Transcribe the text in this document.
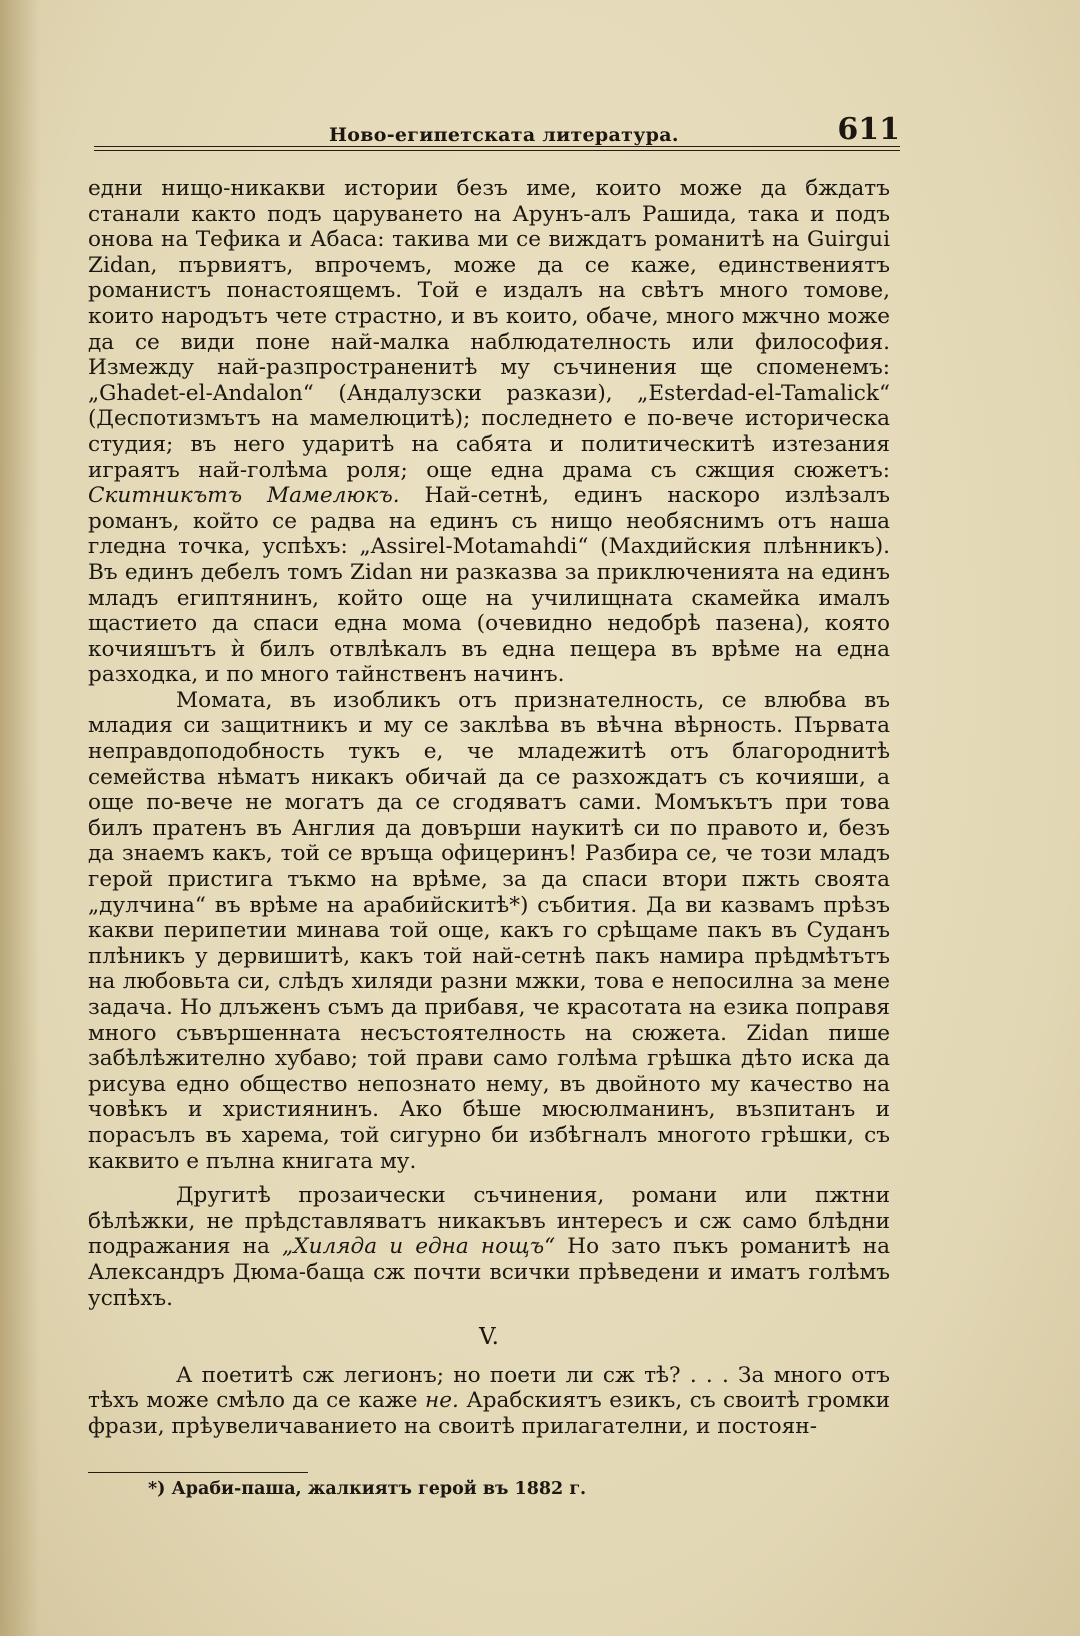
Ново-египетската литература.	611

едни нищо-никакви истории безъ име, които може да бждатъ станали както подъ царуването на Арунъ-алъ Рашида, така и подъ онова на Тефика и Абаса: такива ми се виждатъ романитѣ на Guirgui Zidan, първиятъ, впрочемъ, може да се каже, единствениятъ романистъ понастоящемъ. Той е издалъ на свѣтъ много томове, които народътъ чете страстно, и въ които, обаче, много мжчно може да се види поне най-малка наблюдателность или философия. Измежду най-разпространенитѣ му съчинения ще споменемъ: „Ghadet-el-Andalon“ (Андалузски разкази), „Esterdad-el-Tamalick“ (Деспотизмътъ на мамелюцитѣ); последнето е по-вече историческа студия; въ него ударитѣ на сабята и политическитѣ изтезания играятъ най-голѣма роля; още една драма съ сжщия сюжетъ: Скитникътъ Мамелюкъ. Най-сетнѣ, единъ наскоро излѣзалъ романъ, който се радва на единъ съ нищо необяснимъ отъ наша гледна точка, успѣхъ: „Assirel-Motamahdi“ (Махдийския плѣнникъ). Въ единъ дебелъ томъ Zidan ни разказва за приключенията на единъ младъ египтянинъ, който още на училищната скамейка ималъ щастието да спаси една мома (очевидно недобрѣ пазена), която кочияшътъ ѝ билъ отвлѣкалъ въ една пещера въ врѣме на една разходка, и по много тайнственъ начинъ.

Момата, въ изобликъ отъ признателность, се влюбва въ младия си защитникъ и му се заклѣва въ вѣчна вѣрность. Първата неправдоподобность тукъ е, че младежитѣ отъ благороднитѣ семейства нѣматъ никакъ обичай да се разхождатъ съ кочияши, а още по-вече не могатъ да се сгодяватъ сами. Момъкътъ при това билъ пратенъ въ Англия да довърши наукитѣ си по правото и, безъ да знаемъ какъ, той се връща офицеринъ! Разбира се, че този младъ герой пристига тъкмо на врѣме, за да спаси втори пжть своята „дулчина“ въ врѣме на арабийскитѣ*) събития. Да ви казвамъ прѣзъ какви перипетии минава той още, какъ го срѣщаме пакъ въ Суданъ плѣникъ у дервишитѣ, какъ той най-сетнѣ пакъ намира прѣдмѣтътъ на любовьта си, слѣдъ хиляди разни мжки, това е непосилна за мене задача. Но длъженъ съмъ да прибавя, че красотата на езика поправя много съвършенната несъстоятелность на сюжета. Zidan пише забѣлѣжително хубаво; той прави само голѣма грѣшка дѣто иска да рисува едно общество непознато нему, въ двойното му качество на човѣкъ и християнинъ. Ако бѣше мюсюлманинъ, възпитанъ и порасълъ въ харема, той сигурно би избѣгналъ многото грѣшки, съ каквито е пълна книгата му.

Другитѣ прозаически съчинения, романи или пжтни бѣлѣжки, не прѣдставляватъ никакъвъ интересъ и сж само блѣдни подражания на „Хиляда и една нощъ“ Но зато пъкъ романитѣ на Александръ Дюма-баща сж почти всички прѣведени и иматъ голѣмъ успѣхъ.

V.

А поетитѣ сж легионъ; но поети ли сж тѣ? . . . За много отъ тѣхъ може смѣло да се каже не. Арабскиятъ езикъ, съ своитѣ громки фрази, прѣувеличаванието на своитѣ прилагателни, и постоян-

*) Араби-паша, жалкиятъ герой въ 1882 г.
